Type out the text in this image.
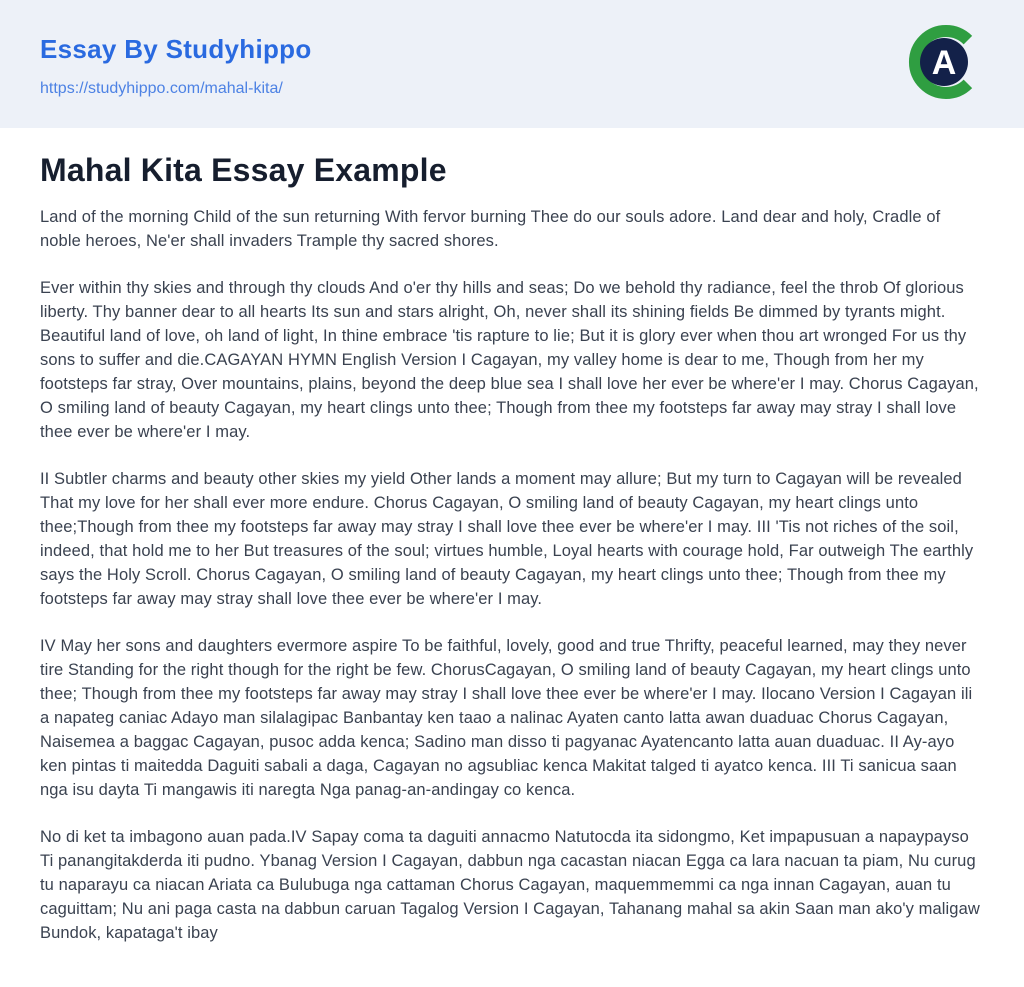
Essay By Studyhippo
https://studyhippo.com/mahal-kita/
A
Mahal Kita Essay Example

Land of the morning Child of the sun returning With fervor burning Thee do our souls adore. Land dear and holy, Cradle of noble heroes, Ne'er shall invaders Trample thy sacred shores.

Ever within thy skies and through thy clouds And o'er thy hills and seas; Do we behold thy radiance, feel the throb Of glorious liberty. Thy banner dear to all hearts Its sun and stars alright, Oh, never shall its shining fields Be dimmed by tyrants might. Beautiful land of love, oh land of light, In thine embrace 'tis rapture to lie; But it is glory ever when thou art wronged For us thy sons to suffer and die.CAGAYAN HYMN English Version I Cagayan, my valley home is dear to me, Though from her my footsteps far stray, Over mountains, plains, beyond the deep blue sea I shall love her ever be where'er I may. Chorus Cagayan, O smiling land of beauty Cagayan, my heart clings unto thee; Though from thee my footsteps far away may stray I shall love thee ever be where'er I may.

II Subtler charms and beauty other skies my yield Other lands a moment may allure; But my turn to Cagayan will be revealed That my love for her shall ever more endure. Chorus Cagayan, O smiling land of beauty Cagayan, my heart clings unto thee;Though from thee my footsteps far away may stray I shall love thee ever be where'er I may. III 'Tis not riches of the soil, indeed, that hold me to her But treasures of the soul; virtues humble, Loyal hearts with courage hold, Far outweigh The earthly says the Holy Scroll. Chorus Cagayan, O smiling land of beauty Cagayan, my heart clings unto thee; Though from thee my footsteps far away may stray shall love thee ever be where'er I may.

IV May her sons and daughters evermore aspire To be faithful, lovely, good and true Thrifty, peaceful learned, may they never tire Standing for the right though for the right be few. ChorusCagayan, O smiling land of beauty Cagayan, my heart clings unto thee; Though from thee my footsteps far away may stray I shall love thee ever be where'er I may. Ilocano Version I Cagayan ili a napateg caniac Adayo man silalagipac Banbantay ken taao a nalinac Ayaten canto latta awan duaduac Chorus Cagayan, Naisemea a baggac Cagayan, pusoc adda kenca; Sadino man disso ti pagyanac Ayatencanto latta auan duaduac. II Ay-ayo ken pintas ti maitedda Daguiti sabali a daga, Cagayan no agsubliac kenca Makitat talged ti ayatco kenca. III Ti sanicua saan nga isu dayta Ti mangawis iti naregta Nga panag-an-andingay co kenca.

No di ket ta imbagono auan pada.IV Sapay coma ta daguiti annacmo Natutocda ita sidongmo, Ket impapusuan a napaypayso Ti panangitakderda iti pudno. Ybanag Version I Cagayan, dabbun nga cacastan niacan Egga ca lara nacuan ta piam, Nu curug tu naparayu ca niacan Ariata ca Bulubuga nga cattaman Chorus Cagayan, maquemmemmi ca nga innan Cagayan, auan tu caguittam; Nu ani paga casta na dabbun caruan Tagalog Version I Cagayan, Tahanang mahal sa akin Saan man ako'y maligaw Bundok, kapataga't ibay
